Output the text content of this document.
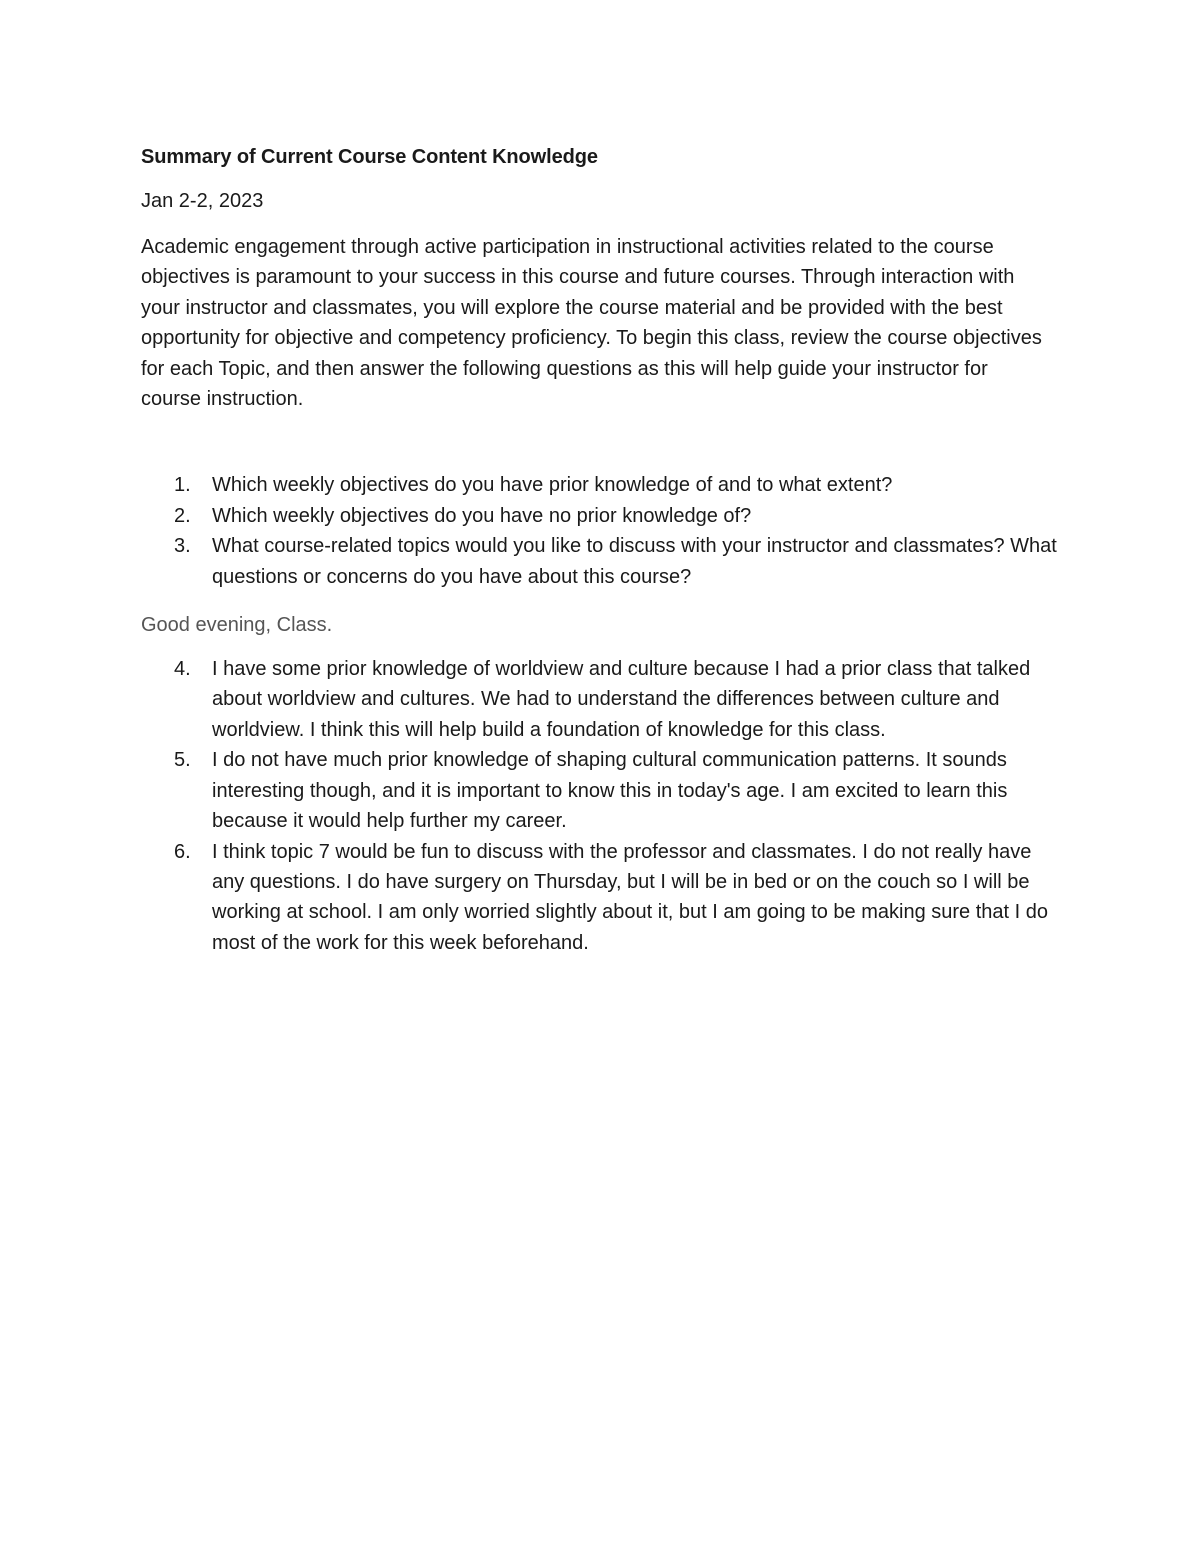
Summary of Current Course Content Knowledge
Jan 2-2, 2023
Academic engagement through active participation in instructional activities related to the course objectives is paramount to your success in this course and future courses. Through interaction with your instructor and classmates, you will explore the course material and be provided with the best opportunity for objective and competency proficiency. To begin this class, review the course objectives for each Topic, and then answer the following questions as this will help guide your instructor for course instruction.
1. Which weekly objectives do you have prior knowledge of and to what extent?
2. Which weekly objectives do you have no prior knowledge of?
3. What course-related topics would you like to discuss with your instructor and classmates? What questions or concerns do you have about this course?
Good evening, Class.
4. I have some prior knowledge of worldview and culture because I had a prior class that talked about worldview and cultures. We had to understand the differences between culture and worldview. I think this will help build a foundation of knowledge for this class.
5. I do not have much prior knowledge of shaping cultural communication patterns. It sounds interesting though, and it is important to know this in today's age. I am excited to learn this because it would help further my career.
6. I think topic 7 would be fun to discuss with the professor and classmates. I do not really have any questions. I do have surgery on Thursday, but I will be in bed or on the couch so I will be working at school. I am only worried slightly about it, but I am going to be making sure that I do most of the work for this week beforehand.
